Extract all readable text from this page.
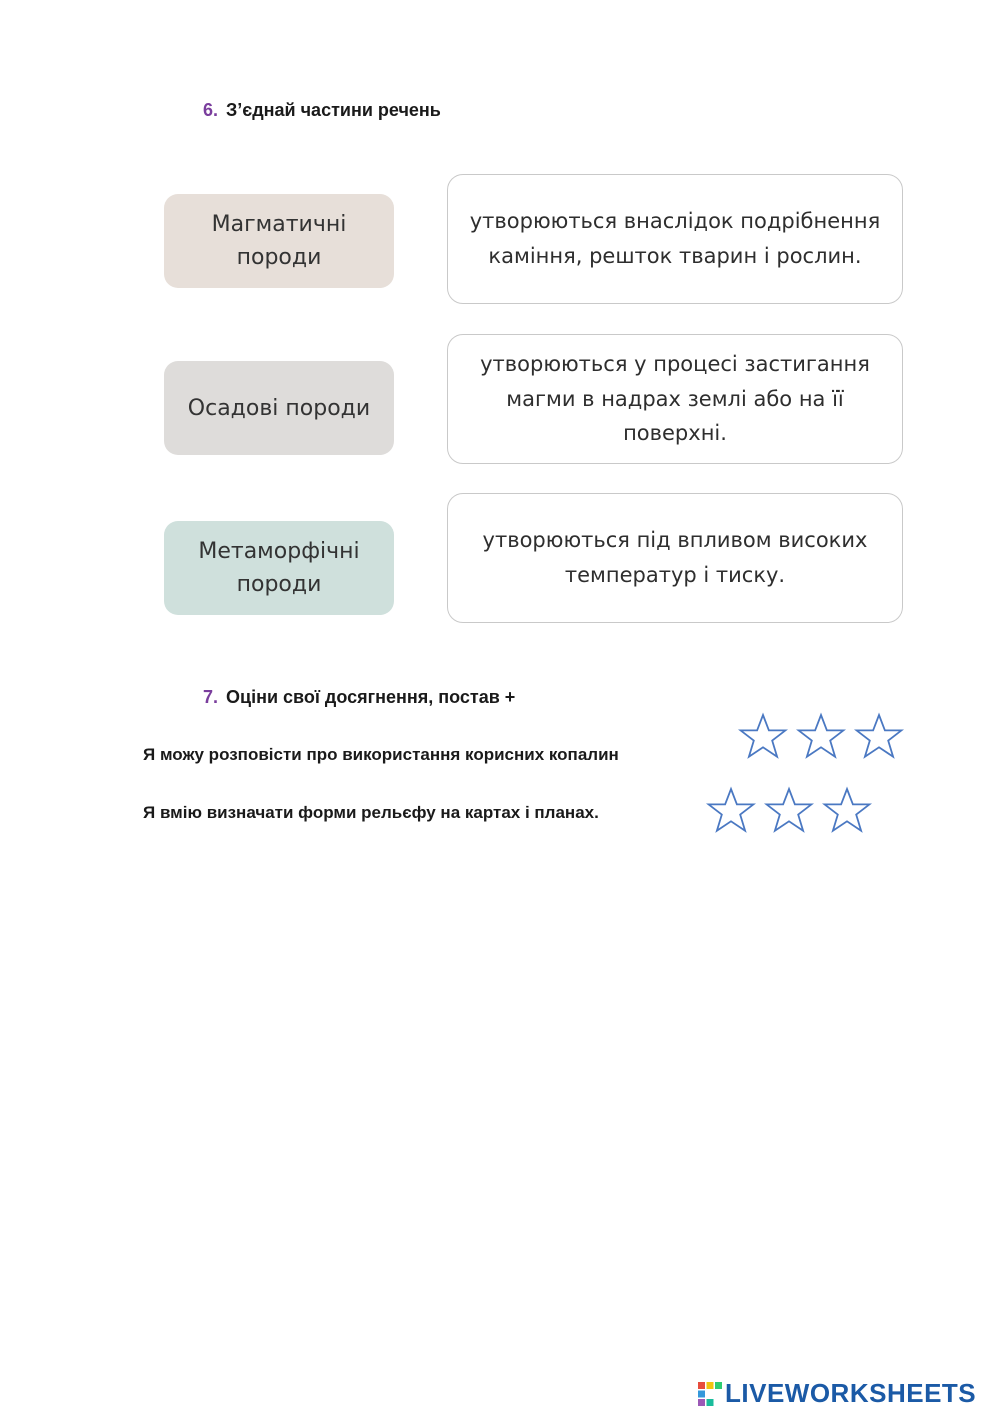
6. З’єднай частини речень
Магматичні породи
Осадові породи
Метаморфічні породи
утворюються внаслідок подрібнення каміння, решток тварин і рослин.
утворюються у процесі застигання магми в надрах землі або на її поверхні.
утворюються під впливом високих температур і тиску.
7. Оціни свої досягнення, постав +
Я можу розповісти про використання корисних копалин
Я вмію визначати форми рельєфу на картах і планах.
LIVEWORKSHEETS
